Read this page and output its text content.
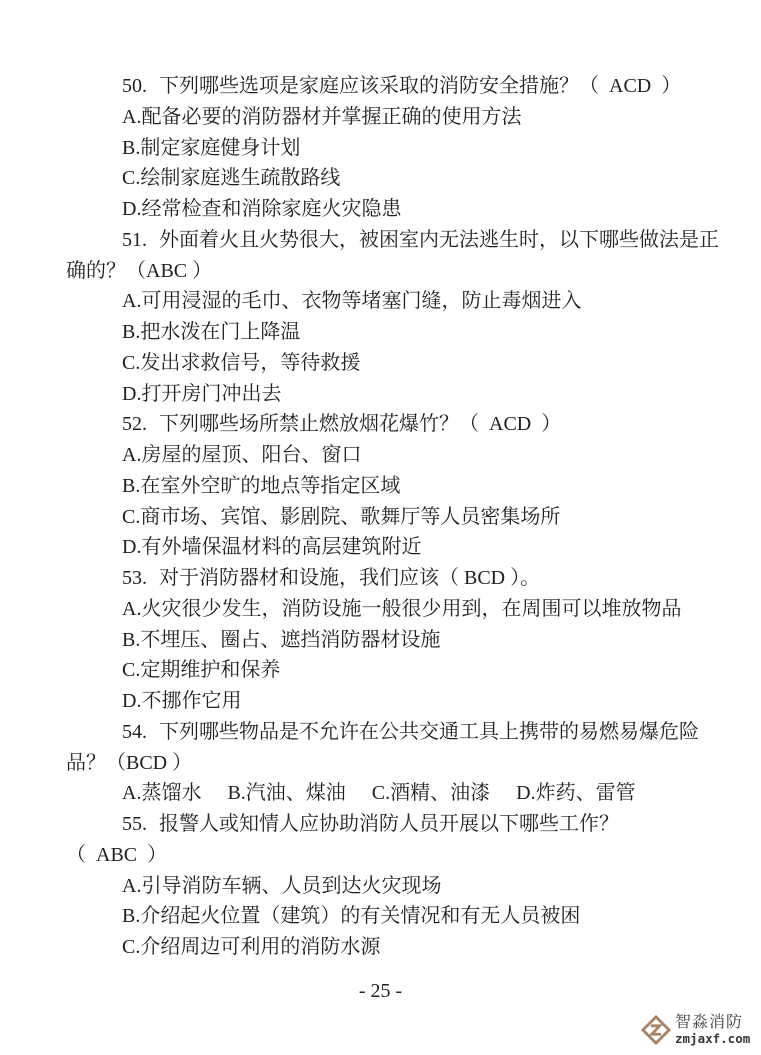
50. 下列哪些选项是家庭应该采取的消防安全措施？（  ACD  ）
A.配备必要的消防器材并掌握正确的使用方法
B.制定家庭健身计划
C.绘制家庭逃生疏散路线
D.经常检查和消除家庭火灾隐患
51. 外面着火且火势很大，被困室内无法逃生时，以下哪些做法是正
确的？（ABC ）
A.可用浸湿的毛巾、衣物等堵塞门缝，防止毒烟进入
B.把水泼在门上降温
C.发出求救信号，等待救援
D.打开房门冲出去
52. 下列哪些场所禁止燃放烟花爆竹？（  ACD  ）
A.房屋的屋顶、阳台、窗口
B.在室外空旷的地点等指定区域
C.商市场、宾馆、影剧院、歌舞厅等人员密集场所
D.有外墙保温材料的高层建筑附近
53. 对于消防器材和设施，我们应该（ BCD ）。
A.火灾很少发生，消防设施一般很少用到，在周围可以堆放物品
B.不埋压、圈占、遮挡消防器材设施
C.定期维护和保养
D.不挪作它用
54. 下列哪些物品是不允许在公共交通工具上携带的易燃易爆危险
品？（BCD ）
A.蒸馏水 B.汽油、煤油 C.酒精、油漆 D.炸药、雷管
55. 报警人或知情人应协助消防人员开展以下哪些工作？
（  ABC  ）
A.引导消防车辆、人员到达火灾现场
B.介绍起火位置（建筑）的有关情况和有无人员被困
C.介绍周边可利用的消防水源
- 25 -
智淼消防
zmjaxf.com
